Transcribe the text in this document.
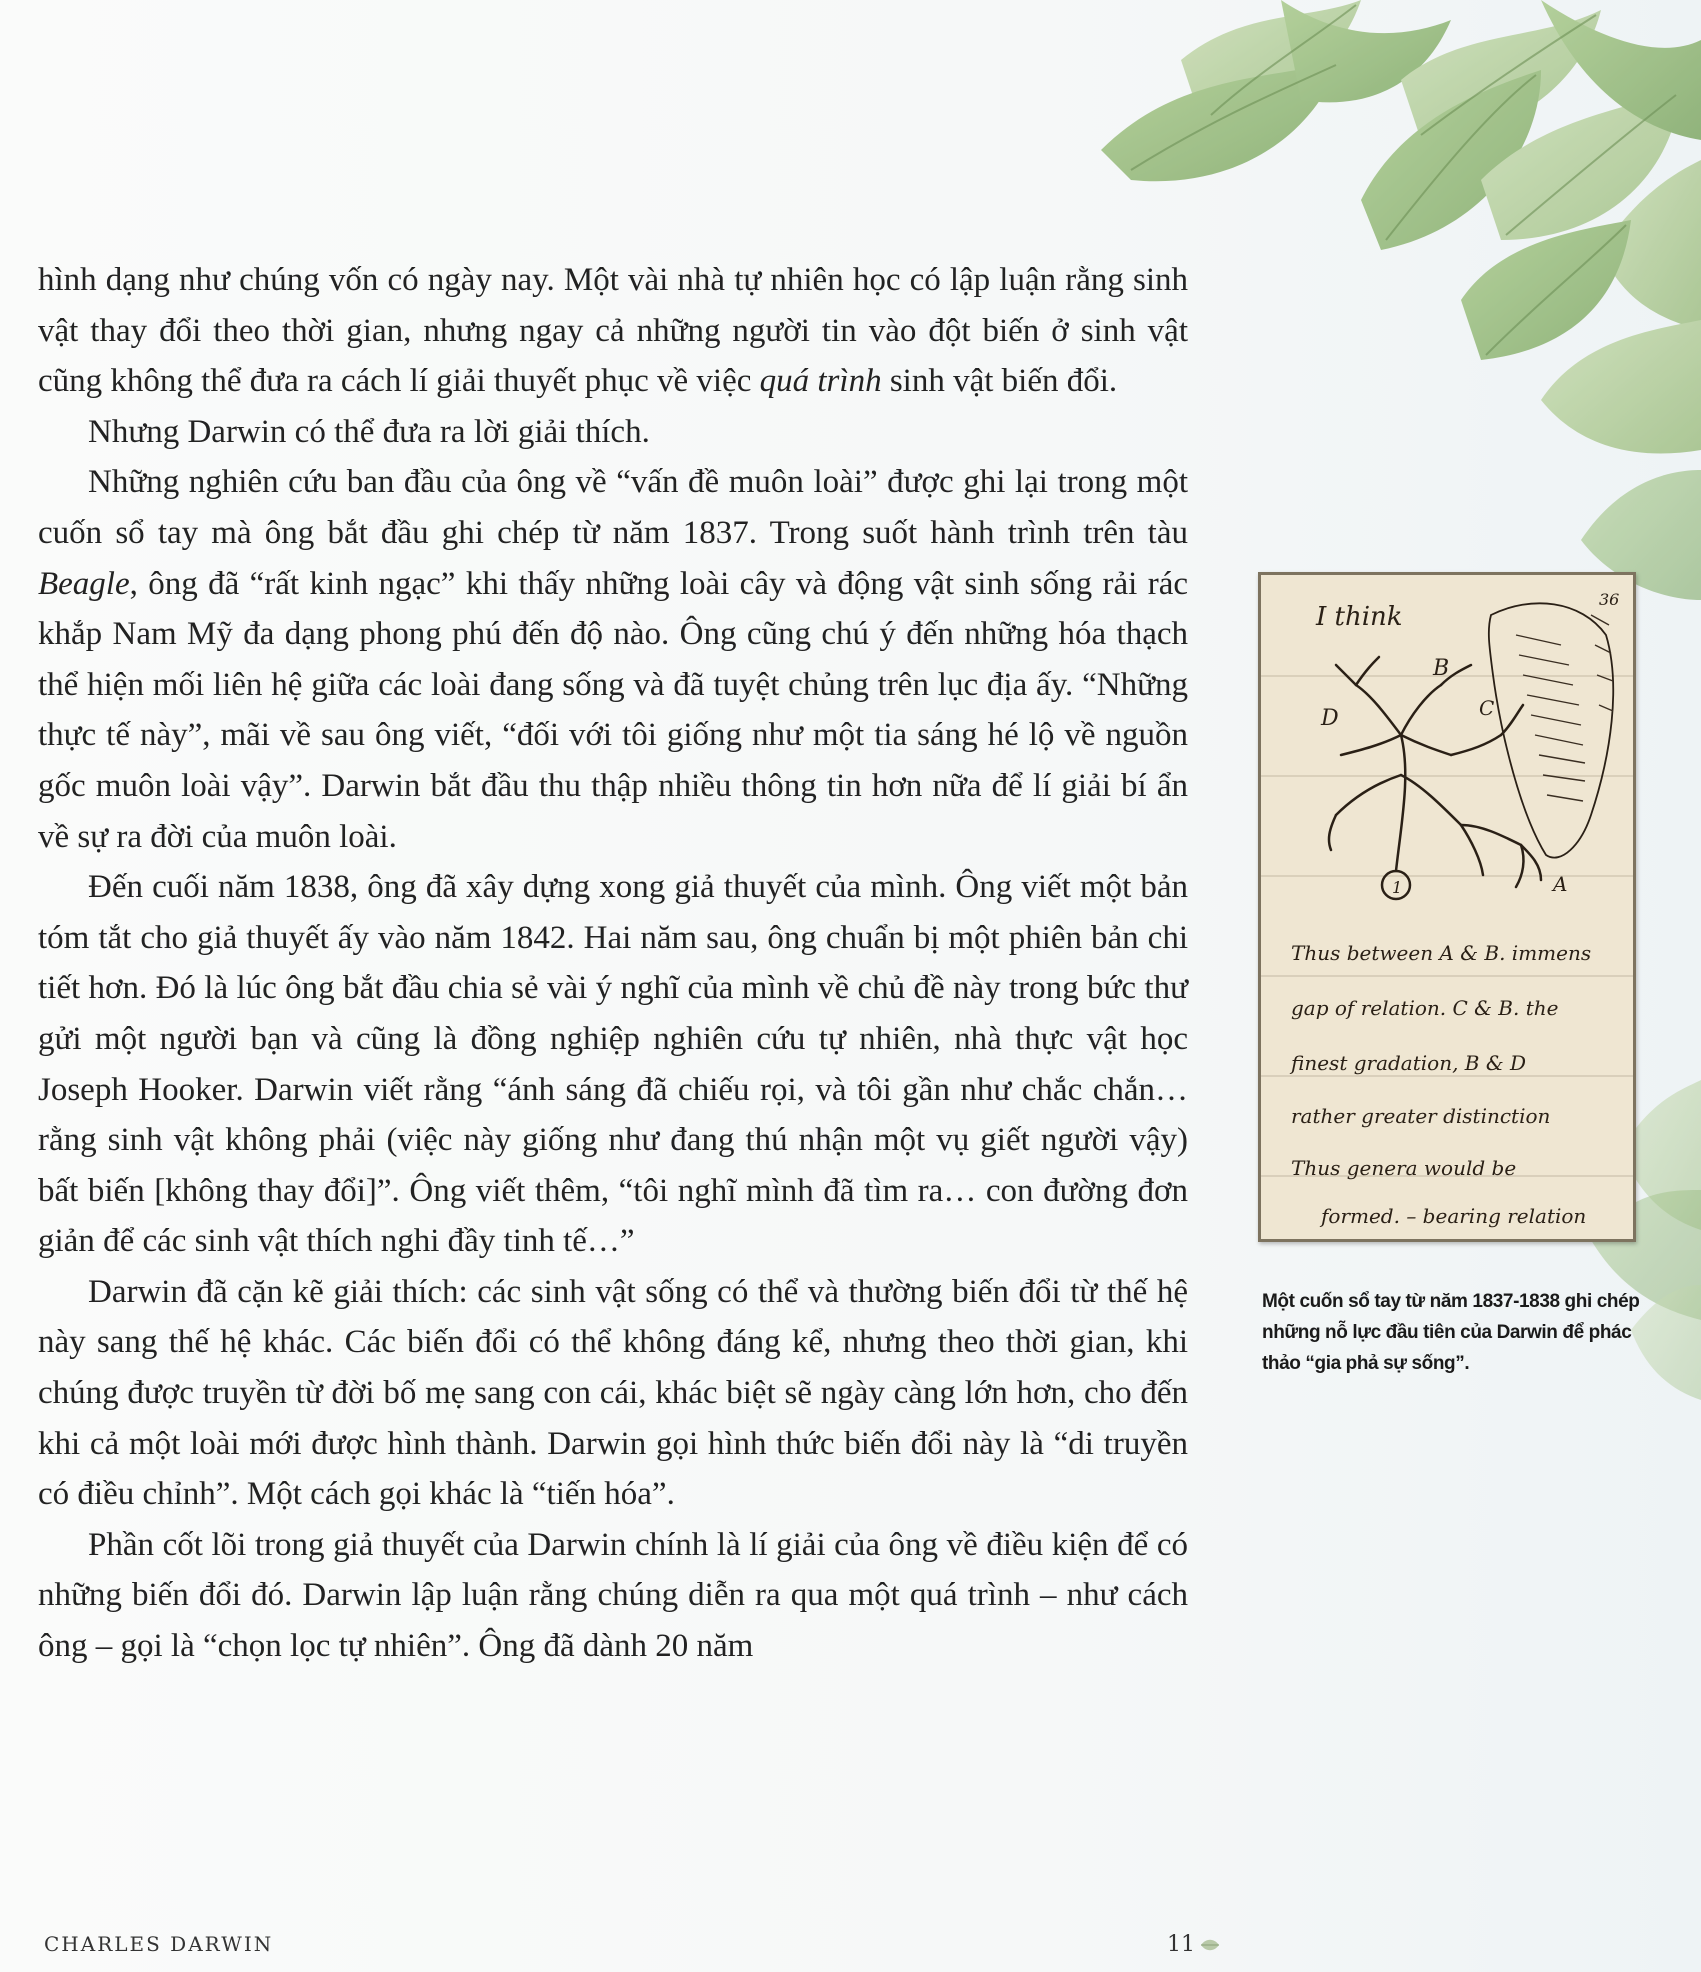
hình dạng như chúng vốn có ngày nay. Một vài nhà tự nhiên học có lập luận rằng sinh vật thay đổi theo thời gian, nhưng ngay cả những người tin vào đột biến ở sinh vật cũng không thể đưa ra cách lí giải thuyết phục về việc quá trình sinh vật biến đổi.

Nhưng Darwin có thể đưa ra lời giải thích.

Những nghiên cứu ban đầu của ông về “vấn đề muôn loài” được ghi lại trong một cuốn sổ tay mà ông bắt đầu ghi chép từ năm 1837. Trong suốt hành trình trên tàu Beagle, ông đã “rất kinh ngạc” khi thấy những loài cây và động vật sinh sống rải rác khắp Nam Mỹ đa dạng phong phú đến độ nào. Ông cũng chú ý đến những hóa thạch thể hiện mối liên hệ giữa các loài đang sống và đã tuyệt chủng trên lục địa ấy. “Những thực tế này”, mãi về sau ông viết, “đối với tôi giống như một tia sáng hé lộ về nguồn gốc muôn loài vậy”. Darwin bắt đầu thu thập nhiều thông tin hơn nữa để lí giải bí ẩn về sự ra đời của muôn loài.

Đến cuối năm 1838, ông đã xây dựng xong giả thuyết của mình. Ông viết một bản tóm tắt cho giả thuyết ấy vào năm 1842. Hai năm sau, ông chuẩn bị một phiên bản chi tiết hơn. Đó là lúc ông bắt đầu chia sẻ vài ý nghĩ của mình về chủ đề này trong bức thư gửi một người bạn và cũng là đồng nghiệp nghiên cứu tự nhiên, nhà thực vật học Joseph Hooker. Darwin viết rằng “ánh sáng đã chiếu rọi, và tôi gần như chắc chắn… rằng sinh vật không phải (việc này giống như đang thú nhận một vụ giết người vậy) bất biến [không thay đổi]”. Ông viết thêm, “tôi nghĩ mình đã tìm ra… con đường đơn giản để các sinh vật thích nghi đầy tinh tế…”

Darwin đã cặn kẽ giải thích: các sinh vật sống có thể và thường biến đổi từ thế hệ này sang thế hệ khác. Các biến đổi có thể không đáng kể, nhưng theo thời gian, khi chúng được truyền từ đời bố mẹ sang con cái, khác biệt sẽ ngày càng lớn hơn, cho đến khi cả một loài mới được hình thành. Darwin gọi hình thức biến đổi này là “di truyền có điều chỉnh”. Một cách gọi khác là “tiến hóa”.

Phần cốt lõi trong giả thuyết của Darwin chính là lí giải của ông về điều kiện để có những biến đổi đó. Darwin lập luận rằng chúng diễn ra qua một quá trình – như cách ông – gọi là “chọn lọc tự nhiên”. Ông đã dành 20 năm

36
I think
B
D	C
A
1
Thus between A & B. immens
gap of relation. C & B. the
finest gradation, B & D
rather greater distinction
Thus genera would be
formed. – bearing relation
Một cuốn sổ tay từ năm 1837-1838 ghi chép những nỗ lực đầu tiên của Darwin để phác thảo “gia phả sự sống”.
CHARLES DARWIN	11
